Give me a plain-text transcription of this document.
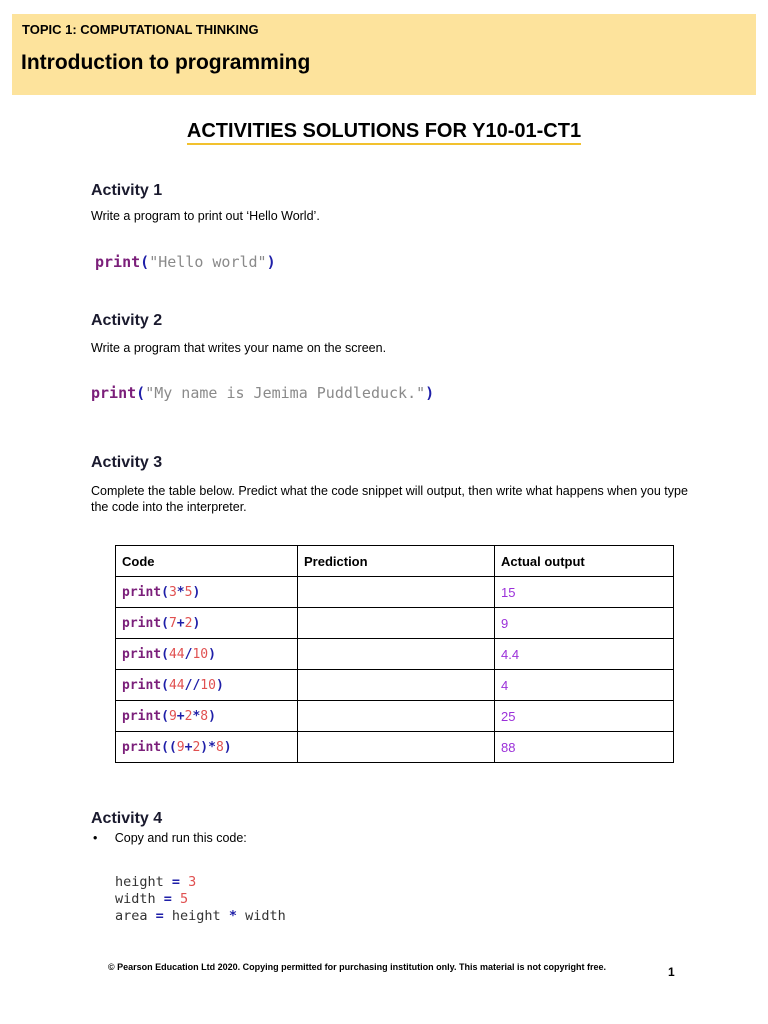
TOPIC 1: COMPUTATIONAL THINKING
Introduction to programming
ACTIVITIES SOLUTIONS FOR Y10-01-CT1
Activity 1
Write a program to print out ‘Hello World’.
print("Hello world")
Activity 2
Write a program that writes your name on the screen.
print("My name is Jemima Puddleduck.")
Activity 3
Complete the table below. Predict what the code snippet will output, then write what happens when you type the code into the interpreter.
Code	Prediction	Actual output
print(3*5)		15
print(7+2)		9
print(44/10)		4.4
print(44//10)		4
print(9+2*8)		25
print((9+2)*8)		88
Activity 4
•     Copy and run this code:
height = 3
width = 5
area = height * width
© Pearson Education Ltd 2020. Copying permitted for purchasing institution only. This material is not copyright free.	1
